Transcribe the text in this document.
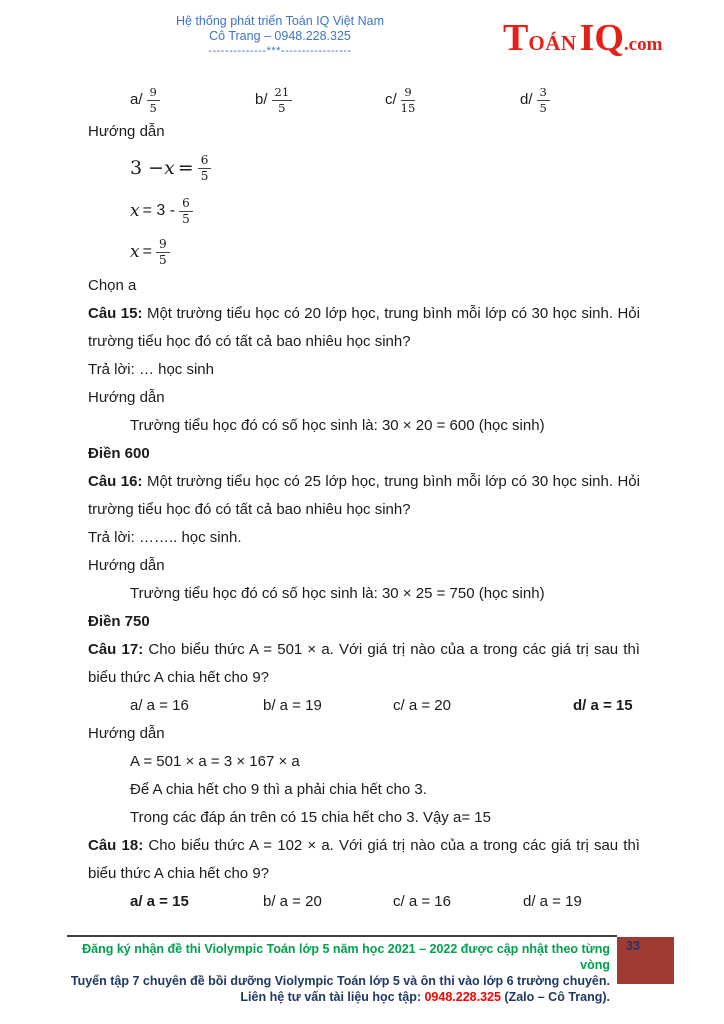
Hệ thống phát triển Toán IQ Việt Nam
Cô Trang – 0948.228.325
--------------***-----------------	TOÁNIQ.com
$a/ \frac{9}{5}$	$b/ \frac{21}{5}$	$c/ \frac{9}{15}$	$d/ \frac{3}{5}$

Hướng dẫn

$3 - x = \frac{6}{5}$
$x = 3 - \frac{6}{5}$
$x = \frac{9}{5}$

Chọn a

Câu 15: Một trường tiểu học có 20 lớp học, trung bình mỗi lớp có 30 học sinh. Hỏi trường tiểu học đó có tất cả bao nhiêu học sinh?

Trả lời: … học sinh

Hướng dẫn

Trường tiểu học đó có số học sinh là: 30 × 20 = 600 (học sinh)

Điền 600

Câu 16: Một trường tiểu học có 25 lớp học, trung bình mỗi lớp có 30 học sinh. Hỏi trường tiểu học đó có tất cả bao nhiêu học sinh?

Trả lời: …….. học sinh.

Hướng dẫn

Trường tiểu học đó có số học sinh là: 30 × 25 = 750 (học sinh)

Điền 750

Câu 17: Cho biểu thức A = 501 × a. Với giá trị nào của a trong các giá trị sau thì biểu thức A chia hết cho 9?

a/ a = 16	b/ a = 19	c/ a = 20	d/ a = 15

Hướng dẫn

A = 501 × a = 3 × 167 × a

Để A chia hết cho 9 thì a phải chia hết cho 3.

Trong các đáp án trên có 15 chia hết cho 3. Vậy a= 15

Câu 18: Cho biểu thức A = 102 × a. Với giá trị nào của a trong các giá trị sau thì biểu thức A chia hết cho 9?

a/ a = 15	b/ a = 20	c/ a = 16	d/ a = 19
Đăng ký nhận đề thi Violympic Toán lớp 5 năm học 2021 – 2022 được cập nhật theo từng vòng
Tuyển tập 7 chuyên đề bồi dưỡng Violympic Toán lớp 5 và ôn thi vào lớp 6 trường chuyên.
Liên hệ tư vấn tài liệu học tập: 0948.228.325 (Zalo – Cô Trang).
33
